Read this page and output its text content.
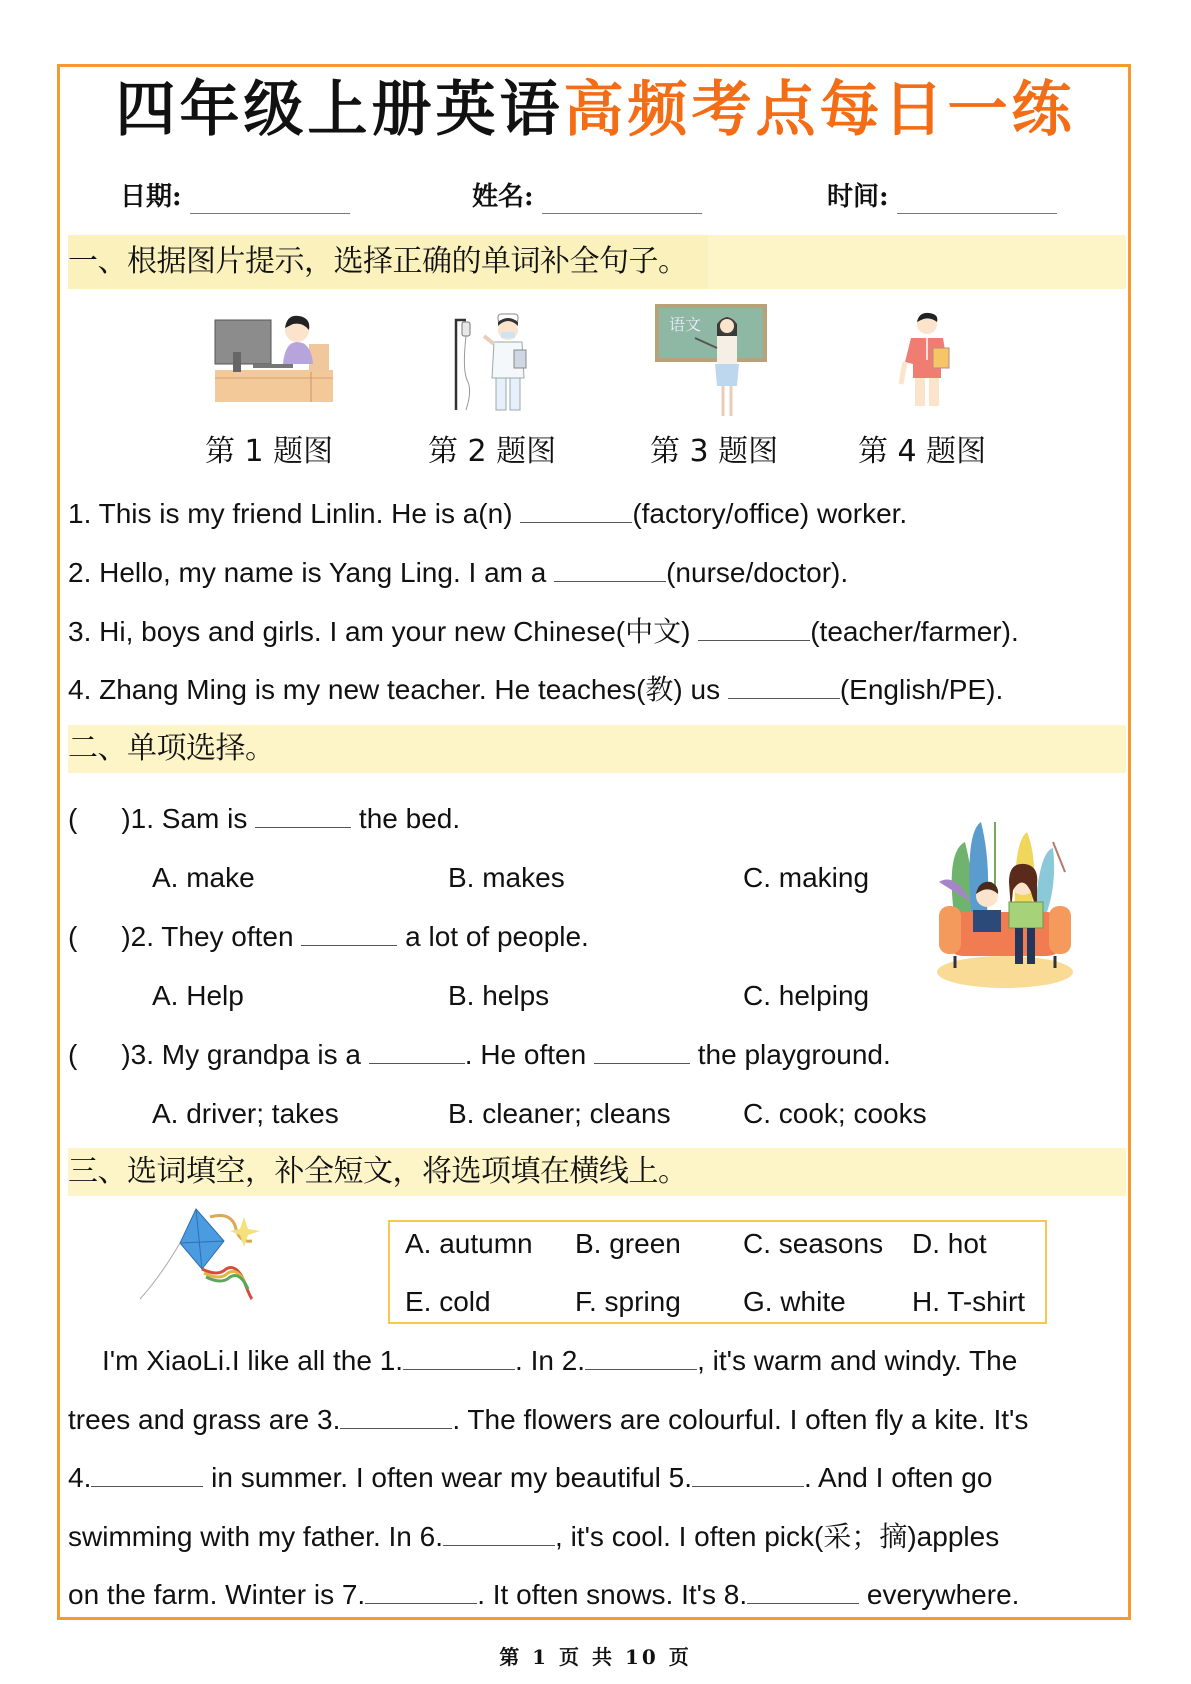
四年级上册英语高频考点每日一练
日期:	姓名:	时间:
一、根据图片提示，选择正确的单词补全句子。
语文
第 1 题图	第 2 题图	第 3 题图	第 4 题图
1. This is my friend Linlin. He is a(n)	(factory/office) worker.
2. Hello, my name is Yang Ling. I am a	(nurse/doctor).
3. Hi, boys and girls. I am your new Chinese(中文)	(teacher/farmer).
4. Zhang Ming is my new teacher. He teaches(教) us	(English/PE).
二、单项选择。
( )1. Sam is	the bed.
A. make	B. makes	C. making
( )2. They often	a lot of people.
A. Help	B. helps	C. helping
( )3. My grandpa is a	. He often	the playground.
A. driver; takes	B. cleaner; cleans	C. cook; cooks
三、选词填空，补全短文，将选项填在横线上。
A. autumn B. green C. seasons D. hot
E. cold	F. spring G. white H. T-shirt
I'm XiaoLi.I like all the 1.	. In 2.	, it's warm and windy. The
trees and grass are 3.	. The flowers are colourful. I often fly a kite. It's
4.	in summer. I often wear my beautiful 5.	. And I often go
swimming with my father. In 6.	, it's cool. I often pick(采；摘)apples
on the farm. Winter is 7.	. It often snows. It's 8.	everywhere.
第 1 页 共 10 页
